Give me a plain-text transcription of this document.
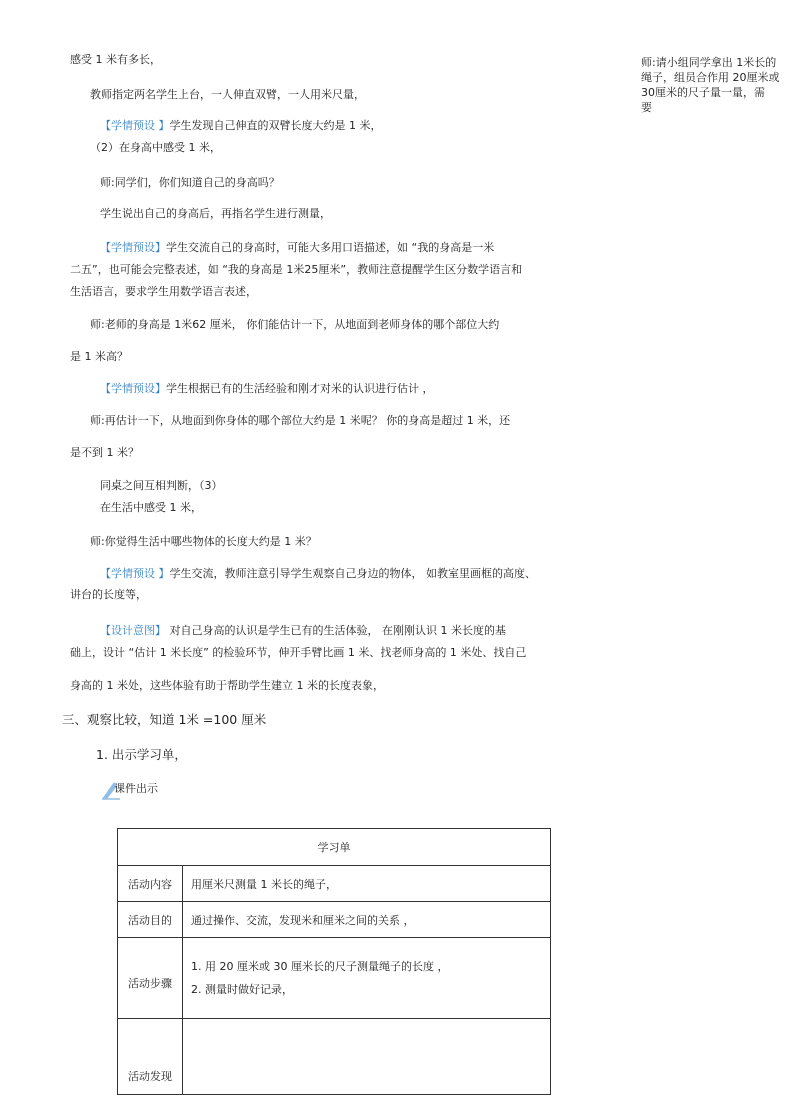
师:请小组同学拿出 1米长的
绳子，组员合作用 20厘米或
30厘米的尺子量一量，需
要
感受 1 米有多长，
教师指定两名学生上台，一人伸直双臂，一人用米尺量，
【学情预设 】学生发现自己伸直的双臂长度大约是 1 米，
（2）在身高中感受 1 米，
师:同学们，你们知道自己的身高吗？
学生说出自己的身高后，再指名学生进行测量，
【学情预设】学生交流自己的身高时，可能大多用口语描述，如 “我的身高是一米
二五”，也可能会完整表述，如 “我的身高是 1米25厘米”，教师注意提醒学生区分数学语言和
生活语言，要求学生用数学语言表述，
师:老师的身高是 1米62 厘米， 你们能估计一下，从地面到老师身体的哪个部位大约
是 1 米高？
【学情预设】学生根据已有的生活经验和刚才对米的认识进行估计 ，
师:再估计一下，从地面到你身体的哪个部位大约是 1 米呢？ 你的身高是超过 1 米，还
是不到 1 米？
同桌之间互相判断，（3）
在生活中感受 1 米，
师:你觉得生活中哪些物体的长度大约是 1 米？
【学情预设 】学生交流，教师注意引导学生观察自己身边的物体， 如教室里画框的高度、
讲台的长度等，
【设计意图】 对自己身高的认识是学生已有的生活体验， 在刚刚认识 1 米长度的基
础上，设计 “估计 1 米长度” 的检验环节，伸开手臂比画 1 米、找老师身高的 1 米处、找自己
身高的 1 米处，这些体验有助于帮助学生建立 1 米的长度表象，
三、观察比较，知道 1米 =100 厘米
1. 出示学习单，
课件出示
学习单	
活动内容	用厘米尺测量 1 米长的绳子，
活动目的	通过操作、交流，发现米和厘米之间的关系 ，
活动步骤	1. 用 20 厘米或 30 厘米长的尺子测量绳子的长度 ，
2. 测量时做好记录，

活动发现	
